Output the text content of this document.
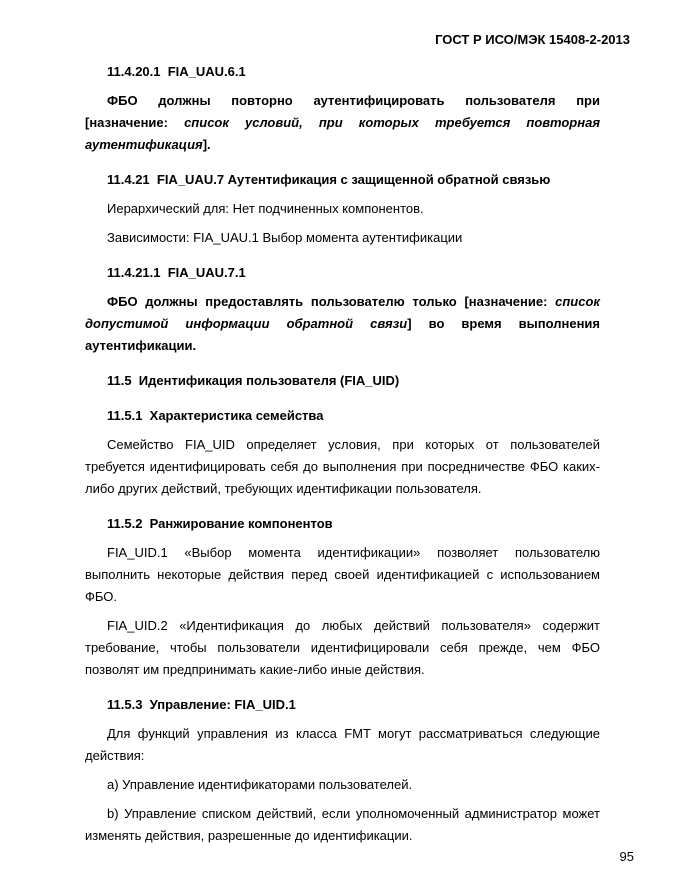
ГОСТ Р ИСО/МЭК 15408-2-2013

11.4.20.1  FIA_UAU.6.1

ФБО должны повторно аутентифицировать пользователя при [назначение: список условий, при которых требуется повторная аутентификация].

11.4.21  FIA_UAU.7 Аутентификация с защищенной обратной связью

Иерархический для: Нет подчиненных компонентов.

Зависимости: FIA_UAU.1 Выбор момента аутентификации

11.4.21.1  FIA_UAU.7.1

ФБО должны предоставлять пользователю только [назначение: список допустимой информации обратной связи] во время выполнения аутентификации.

11.5  Идентификация пользователя (FIA_UID)

11.5.1  Характеристика семейства

Семейство FIA_UID определяет условия, при которых от пользователей требуется идентифицировать себя до выполнения при посредничестве ФБО каких-либо других действий, требующих идентификации пользователя.

11.5.2  Ранжирование компонентов

FIA_UID.1 «Выбор момента идентификации» позволяет пользователю выполнить некоторые действия перед своей идентификацией с использованием ФБО.

FIA_UID.2 «Идентификация до любых действий пользователя» содержит требование, чтобы пользователи идентифицировали себя прежде, чем ФБО позволят им предпринимать какие-либо иные действия.

11.5.3  Управление: FIA_UID.1

Для функций управления из класса FMT могут рассматриваться следующие действия:

a) Управление идентификаторами пользователей.

b) Управление списком действий, если уполномоченный администратор может изменять действия, разрешенные до идентификации.

95
